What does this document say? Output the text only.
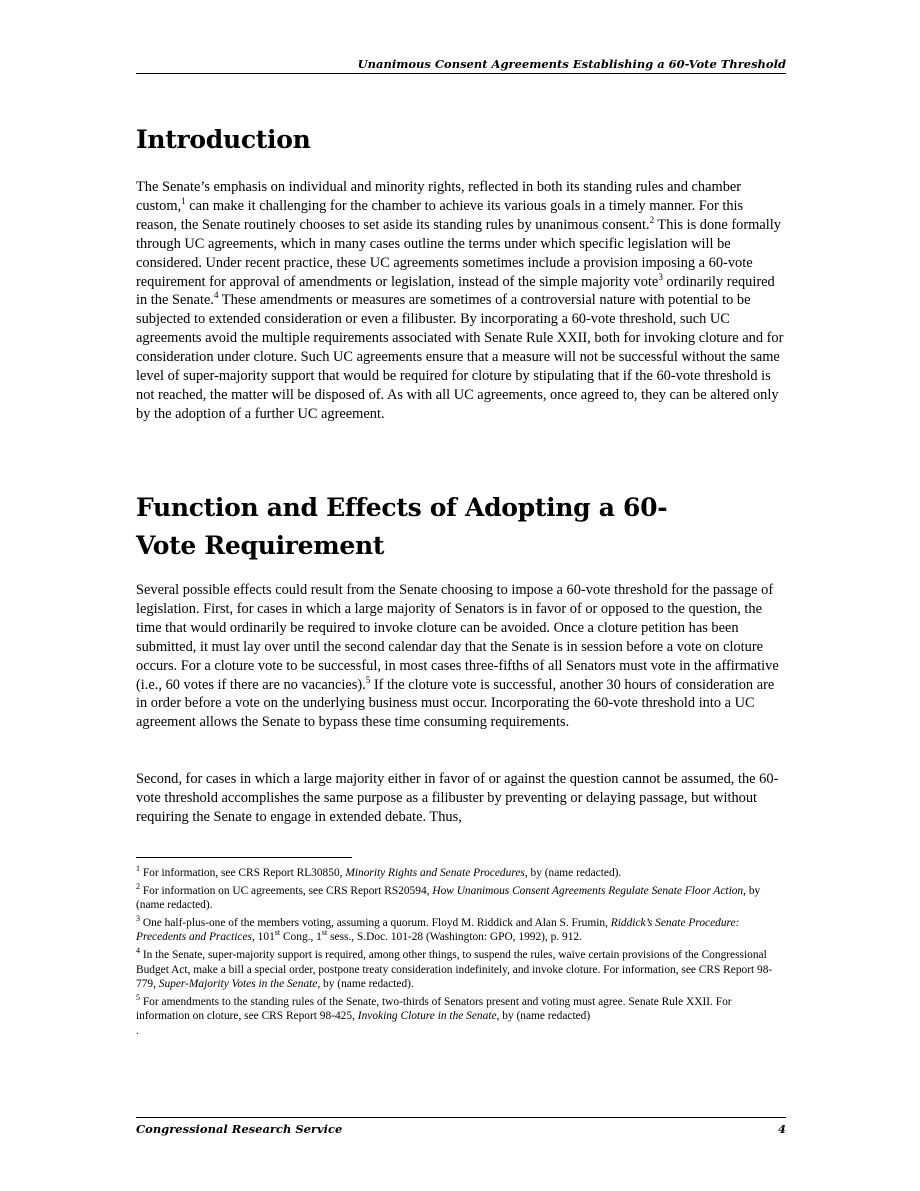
Unanimous Consent Agreements Establishing a 60-Vote Threshold
Introduction

The Senate’s emphasis on individual and minority rights, reflected in both its standing rules and chamber custom,$^1$ can make it challenging for the chamber to achieve its various goals in a timely manner. For this reason, the Senate routinely chooses to set aside its standing rules by unanimous consent.$^2$ This is done formally through UC agreements, which in many cases outline the terms under which specific legislation will be considered. Under recent practice, these UC agreements sometimes include a provision imposing a 60-vote requirement for approval of amendments or legislation, instead of the simple majority vote$^3$ ordinarily required in the Senate.$^4$ These amendments or measures are sometimes of a controversial nature with potential to be subjected to extended consideration or even a filibuster. By incorporating a 60-vote threshold, such UC agreements avoid the multiple requirements associated with Senate Rule XXII, both for invoking cloture and for consideration under cloture. Such UC agreements ensure that a measure will not be successful without the same level of super-majority support that would be required for cloture by stipulating that if the 60-vote threshold is not reached, the matter will be disposed of. As with all UC agreements, once agreed to, they can be altered only by the adoption of a further UC agreement.

Function and Effects of Adopting a 60-Vote Requirement

Several possible effects could result from the Senate choosing to impose a 60-vote threshold for the passage of legislation. First, for cases in which a large majority of Senators is in favor of or opposed to the question, the time that would ordinarily be required to invoke cloture can be avoided. Once a cloture petition has been submitted, it must lay over until the second calendar day that the Senate is in session before a vote on cloture occurs. For a cloture vote to be successful, in most cases three-fifths of all Senators must vote in the affirmative (i.e., 60 votes if there are no vacancies).$^5$ If the cloture vote is successful, another 30 hours of consideration are in order before a vote on the underlying business must occur. Incorporating the 60-vote threshold into a UC agreement allows the Senate to bypass these time consuming requirements.

Second, for cases in which a large majority either in favor of or against the question cannot be assumed, the 60-vote threshold accomplishes the same purpose as a filibuster by preventing or delaying passage, but without requiring the Senate to engage in extended debate. Thus,

$^1$ For information, see CRS Report RL30850, Minority Rights and Senate Procedures, by (name redacted).

$^2$ For information on UC agreements, see CRS Report RS20594, How Unanimous Consent Agreements Regulate Senate Floor Action, by (name redacted).

$^3$ One half-plus-one of the members voting, assuming a quorum. Floyd M. Riddick and Alan S. Frumin, Riddick’s Senate Procedure: Precedents and Practices, 101st Cong., 1st sess., S.Doc. 101-28 (Washington: GPO, 1992), p. 912.

$^4$ In the Senate, super-majority support is required, among other things, to suspend the rules, waive certain provisions of the Congressional Budget Act, make a bill a special order, postpone treaty consideration indefinitely, and invoke cloture. For information, see CRS Report 98-779, Super-Majority Votes in the Senate, by (name redacted).

$^5$ For amendments to the standing rules of the Senate, two-thirds of Senators present and voting must agree. Senate Rule XXII. For information on cloture, see CRS Report 98-425, Invoking Cloture in the Senate, by (name redacted)

.

Congressional Research Service	4
